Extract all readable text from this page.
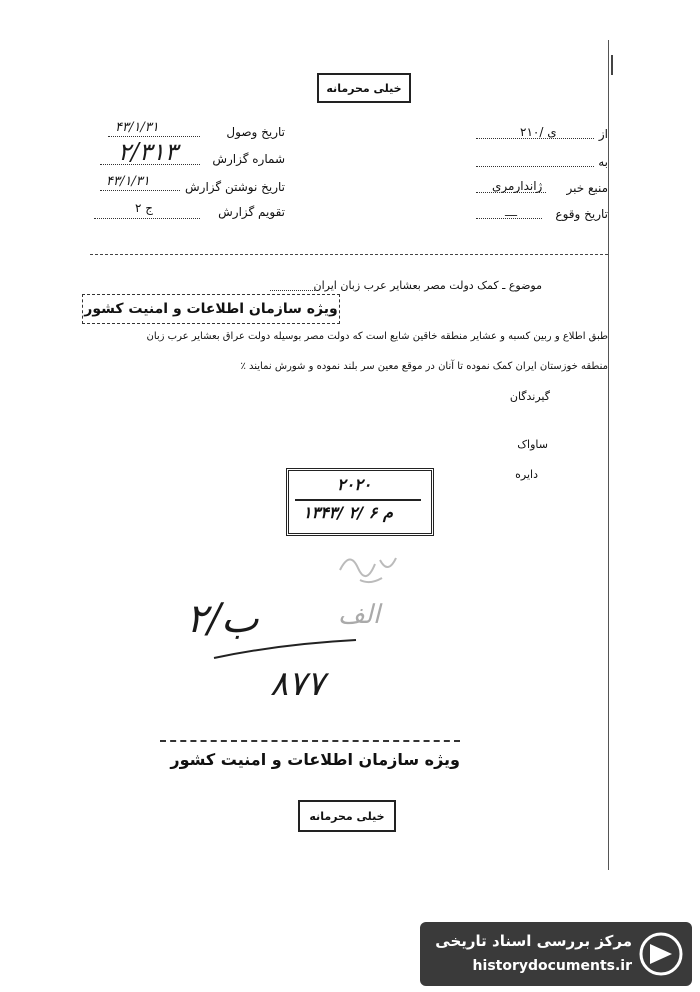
خیلی محرمانه
از
۲۱۰/ ی
به
منبع خبر
ژاندارمری
تاریخ وقوع
__
تاریخ وصول
۴۳/۱/۳۱
شماره گزارش
۲/۳۱۳
تاریخ نوشتن گزارش
۴۳/۱/۳۱
تقویم گزارش
ج ۲
موضوع ـ کمک دولت مصر بعشایر عرب زبان ایران
ویژه سازمان اطلاعات و امنیت کشور
طبق اطلاع و ربین کسبه و عشایر منطقه خاقین شایع است که دولت مصر بوسیله دولت عراق بعشایر عرب زبان
منطقه خوزستان ایران کمک نموده تا آنان در موقع معین سر بلند نموده و شورش نمایند ٪
گیرندگان
ساواک
دایره
۲۰۲۰
۱۳۴۳/ ۲/ ۶ م
الف
ب/۲
۸۷۷
ویژه سازمان اطلاعات و امنیت کشور
خیلی محرمانه
مرکز بررسی اسناد تاریخی
historydocuments.ir
